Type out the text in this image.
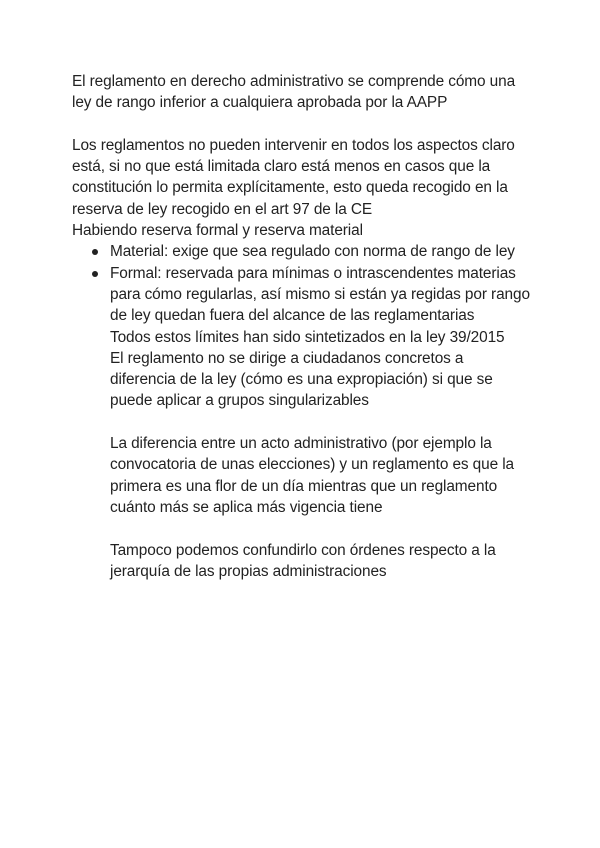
El reglamento en derecho administrativo se comprende cómo una ley de rango inferior a cualquiera aprobada por la AAPP

Los reglamentos no pueden intervenir en todos los aspectos claro está, si no que está limitada claro está menos en casos que la constitución lo permita explícitamente, esto queda recogido en la reserva de ley recogido en el art 97 de la CE

Habiendo reserva formal y reserva material

Material: exige que sea regulado con norma de rango de ley
Formal: reservada para mínimas o intrascendentes materias para cómo regularlas, así mismo si están ya regidas por rango de ley quedan fuera del alcance de las reglamentarias

Todos estos límites han sido sintetizados en la ley 39/2015

El reglamento no se dirige a ciudadanos concretos a diferencia de la ley (cómo es una expropiación) si que se puede aplicar a grupos singularizables

La diferencia entre un acto administrativo (por ejemplo la convocatoria de unas elecciones) y un reglamento es que la primera es una flor de un día mientras que un reglamento cuánto más se aplica más vigencia tiene

Tampoco podemos confundirlo con órdenes respecto a la jerarquía de las propias administraciones
